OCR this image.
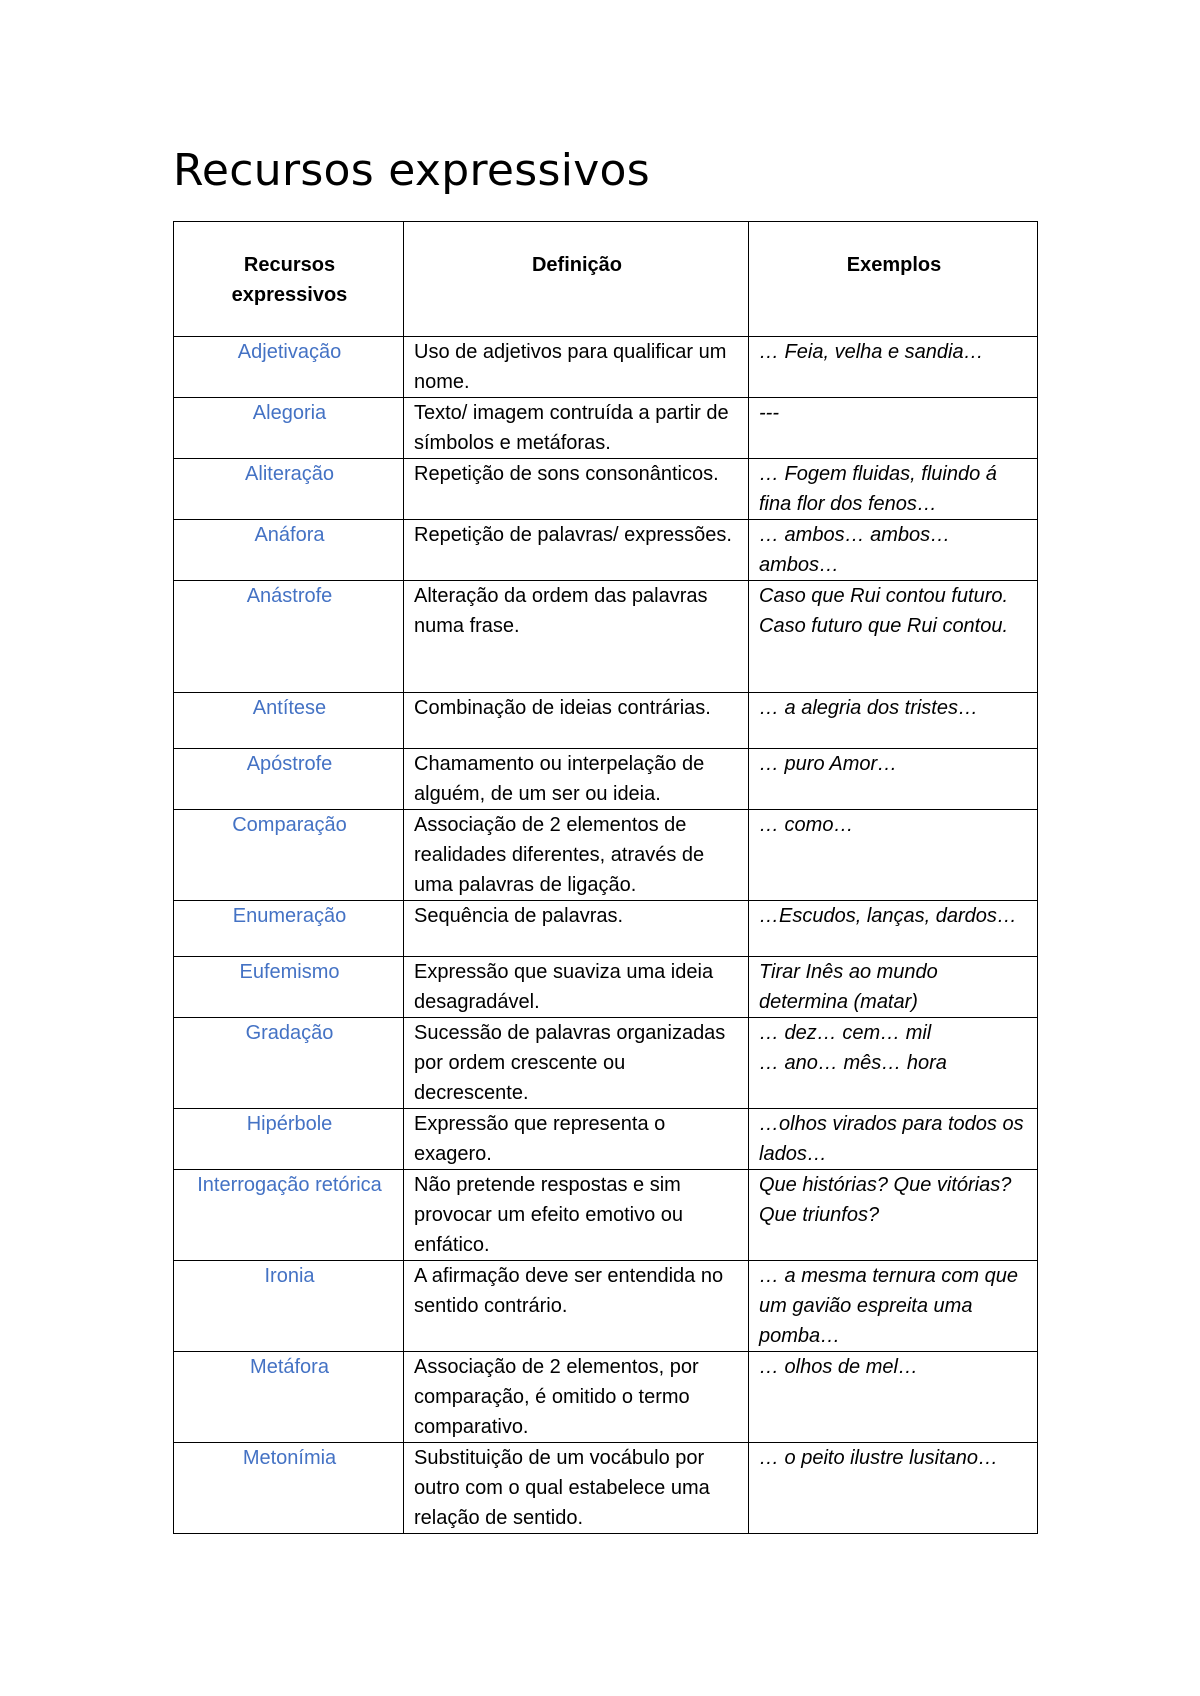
Recursos expressivos
Recursos expressivos	Definição	Exemplos
Adjetivação	Uso de adjetivos para qualificar um nome.	… Feia, velha e sandia…

Alegoria	Texto/ imagem contruída a partir de símbolos e metáforas.	---

Aliteração	Repetição de sons consonânticos.	… Fogem fluidas, fluindo á fina flor dos fenos…

Anáfora	Repetição de palavras/ expressões.	… ambos… ambos… ambos…

Anástrofe	Alteração da ordem das palavras numa frase.	Caso que Rui contou futuro.
Caso futuro que Rui contou.

Antítese	Combinação de ideias contrárias.	… a alegria dos tristes…

Apóstrofe	Chamamento ou interpelação de alguém, de um ser ou ideia.	… puro Amor…

Comparação	Associação de 2 elementos de realidades diferentes, através de uma palavras de ligação.	… como…

Enumeração	Sequência de palavras.	…Escudos, lanças, dardos…

Eufemismo	Expressão que suaviza uma ideia desagradável.	Tirar Inês ao mundo determina (matar)

Gradação	Sucessão de palavras organizadas por ordem crescente ou decrescente.	… dez… cem… mil
… ano… mês… hora

Hipérbole	Expressão que representa o exagero.	…olhos virados para todos os lados…

Interrogação retórica	Não pretende respostas e sim provocar um efeito emotivo ou enfático.	Que histórias? Que vitórias? Que triunfos?

Ironia	A afirmação deve ser entendida no sentido contrário.	… a mesma ternura com que um gavião espreita uma pomba…

Metáfora	Associação de 2 elementos, por comparação, é omitido o termo comparativo.	… olhos de mel…

Metonímia	Substituição de um vocábulo por outro com o qual estabelece uma relação de sentido.	… o peito ilustre lusitano…
